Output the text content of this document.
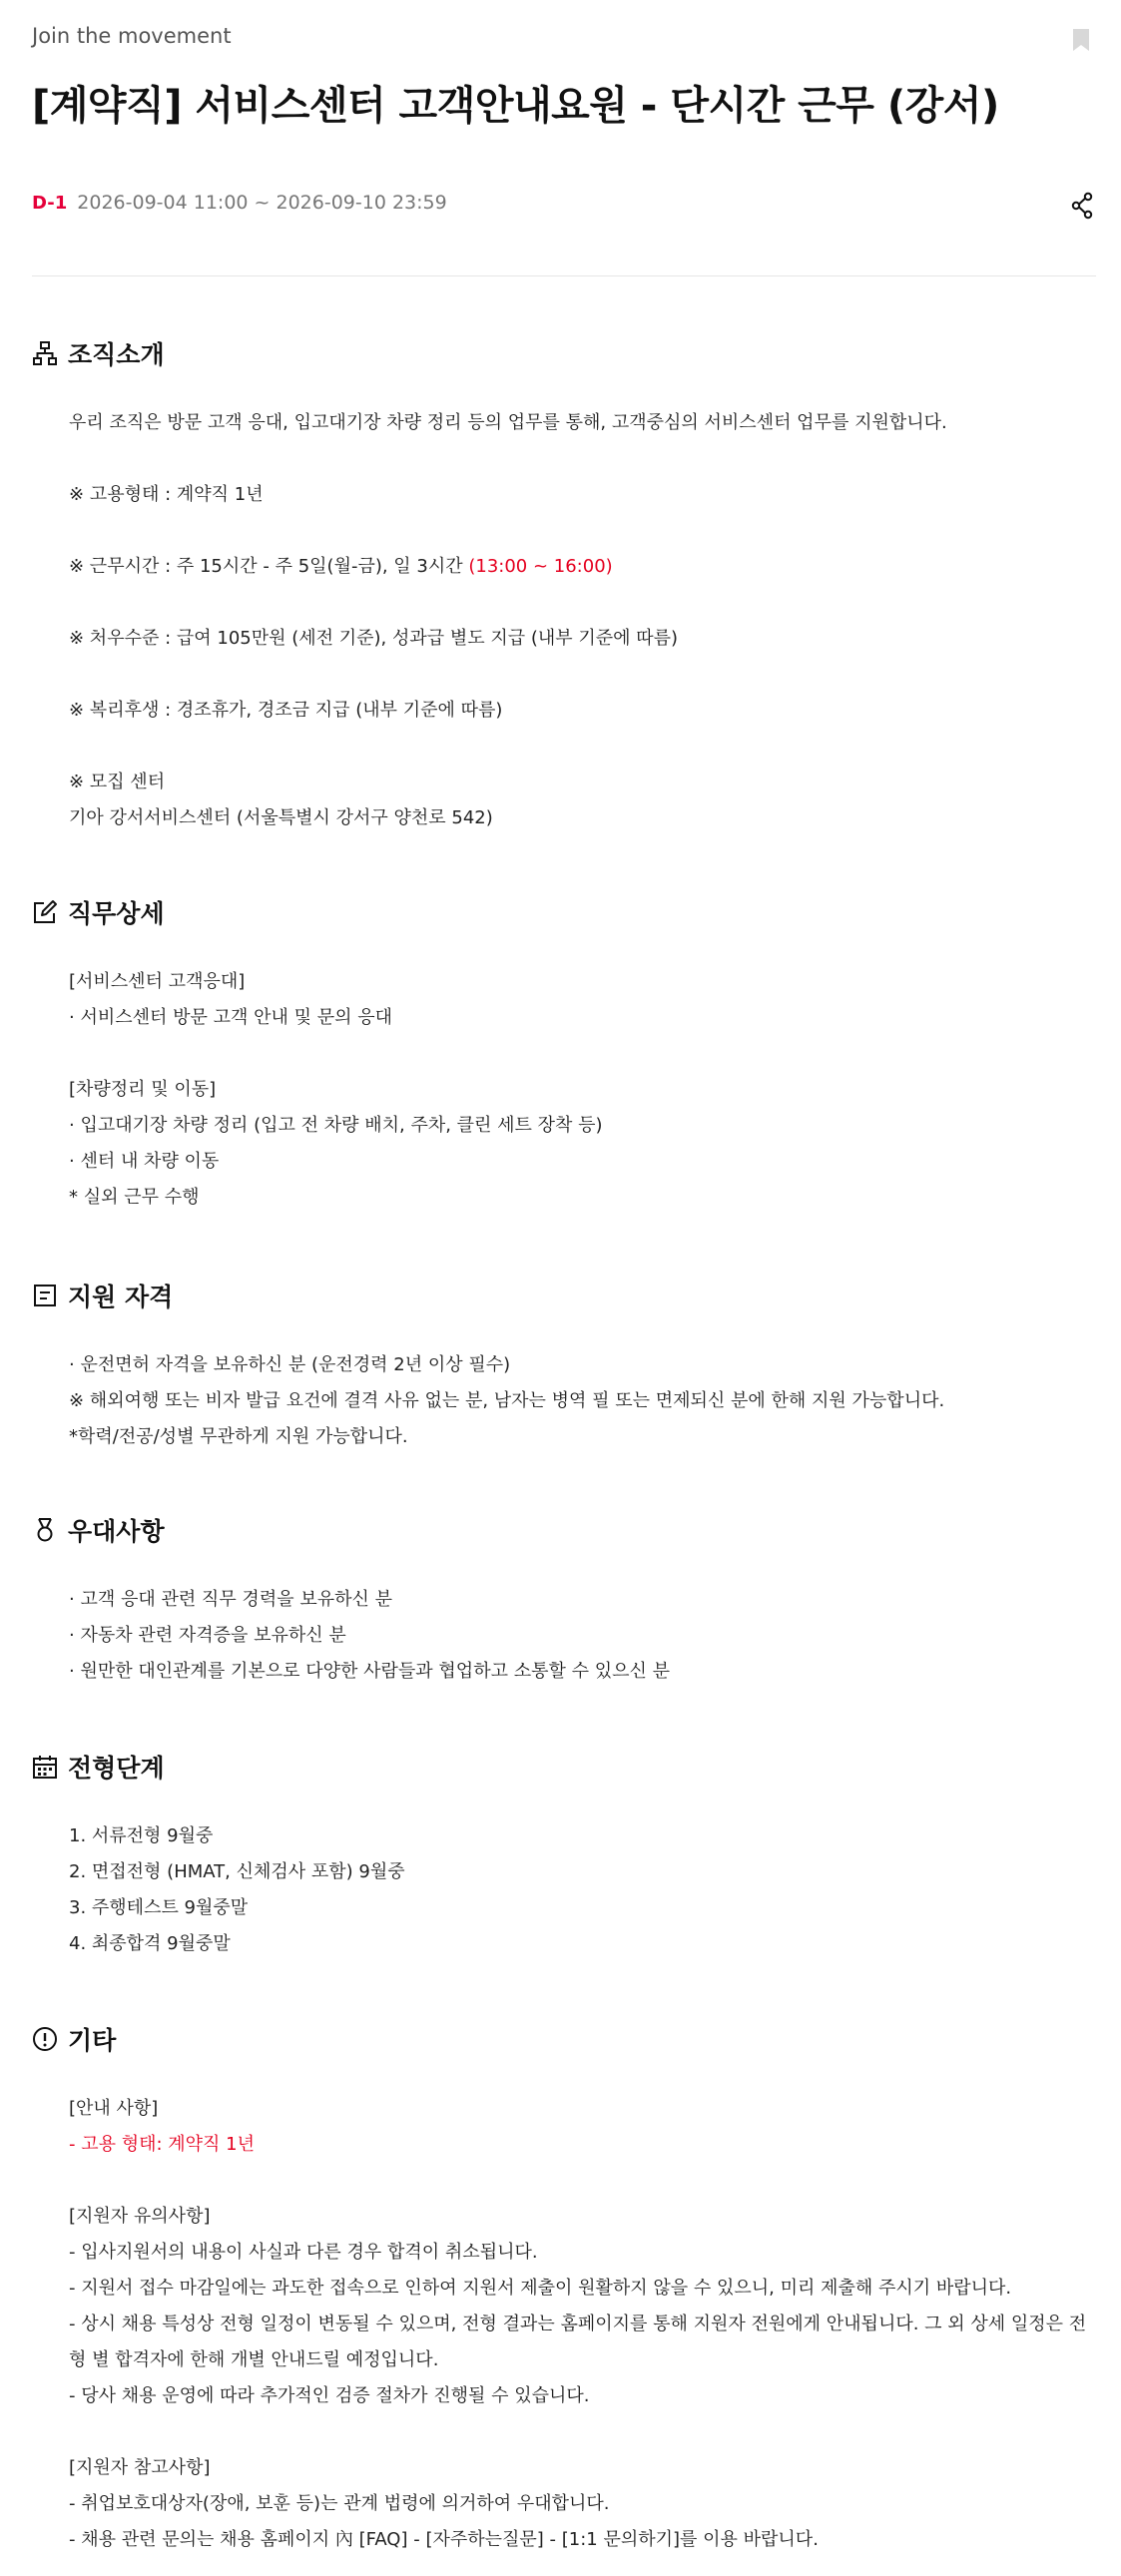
Join the movement
[계약직] 서비스센터 고객안내요원 - 단시간 근무 (강서)
D-1 2026-09-04 11:00 ~ 2026-09-10 23:59
조직소개
우리 조직은 방문 고객 응대, 입고대기장 차량 정리 등의 업무를 통해, 고객중심의 서비스센터 업무를 지원합니다.
※ 고용형태 : 계약직 1년
※ 근무시간 : 주 15시간 - 주 5일(월-금), 일 3시간 (13:00 ~ 16:00)
※ 처우수준 : 급여 105만원 (세전 기준), 성과급 별도 지급 (내부 기준에 따름)
※ 복리후생 : 경조휴가, 경조금 지급 (내부 기준에 따름)
※ 모집 센터
기아 강서서비스센터 (서울특별시 강서구 양천로 542)
직무상세
[서비스센터 고객응대]
· 서비스센터 방문 고객 안내 및 문의 응대
[차량정리 및 이동]
· 입고대기장 차량 정리 (입고 전 차량 배치, 주차, 클린 세트 장착 등)
· 센터 내 차량 이동
* 실외 근무 수행
지원 자격
· 운전면허 자격을 보유하신 분 (운전경력 2년 이상 필수)
※ 해외여행 또는 비자 발급 요건에 결격 사유 없는 분, 남자는 병역 필 또는 면제되신 분에 한해 지원 가능합니다.
*학력/전공/성별 무관하게 지원 가능합니다.
우대사항
· 고객 응대 관련 직무 경력을 보유하신 분
· 자동차 관련 자격증을 보유하신 분
· 원만한 대인관계를 기본으로 다양한 사람들과 협업하고 소통할 수 있으신 분
전형단계
1. 서류전형 9월중
2. 면접전형 (HMAT, 신체검사 포함) 9월중
3. 주행테스트 9월중말
4. 최종합격 9월중말
기타
[안내 사항]
- 고용 형태: 계약직 1년
[지원자 유의사항]
- 입사지원서의 내용이 사실과 다른 경우 합격이 취소됩니다.
- 지원서 접수 마감일에는 과도한 접속으로 인하여 지원서 제출이 원활하지 않을 수 있으니, 미리 제출해 주시기 바랍니다.
- 상시 채용 특성상 전형 일정이 변동될 수 있으며, 전형 결과는 홈페이지를 통해 지원자 전원에게 안내됩니다. 그 외 상세 일정은 전형 별 합격자에 한해 개별 안내드릴 예정입니다.
- 당사 채용 운영에 따라 추가적인 검증 절차가 진행될 수 있습니다.
[지원자 참고사항]
- 취업보호대상자(장애, 보훈 등)는 관계 법령에 의거하여 우대합니다.
- 채용 관련 문의는 채용 홈페이지 內 [FAQ] - [자주하는질문] - [1:1 문의하기]를 이용 바랍니다.
